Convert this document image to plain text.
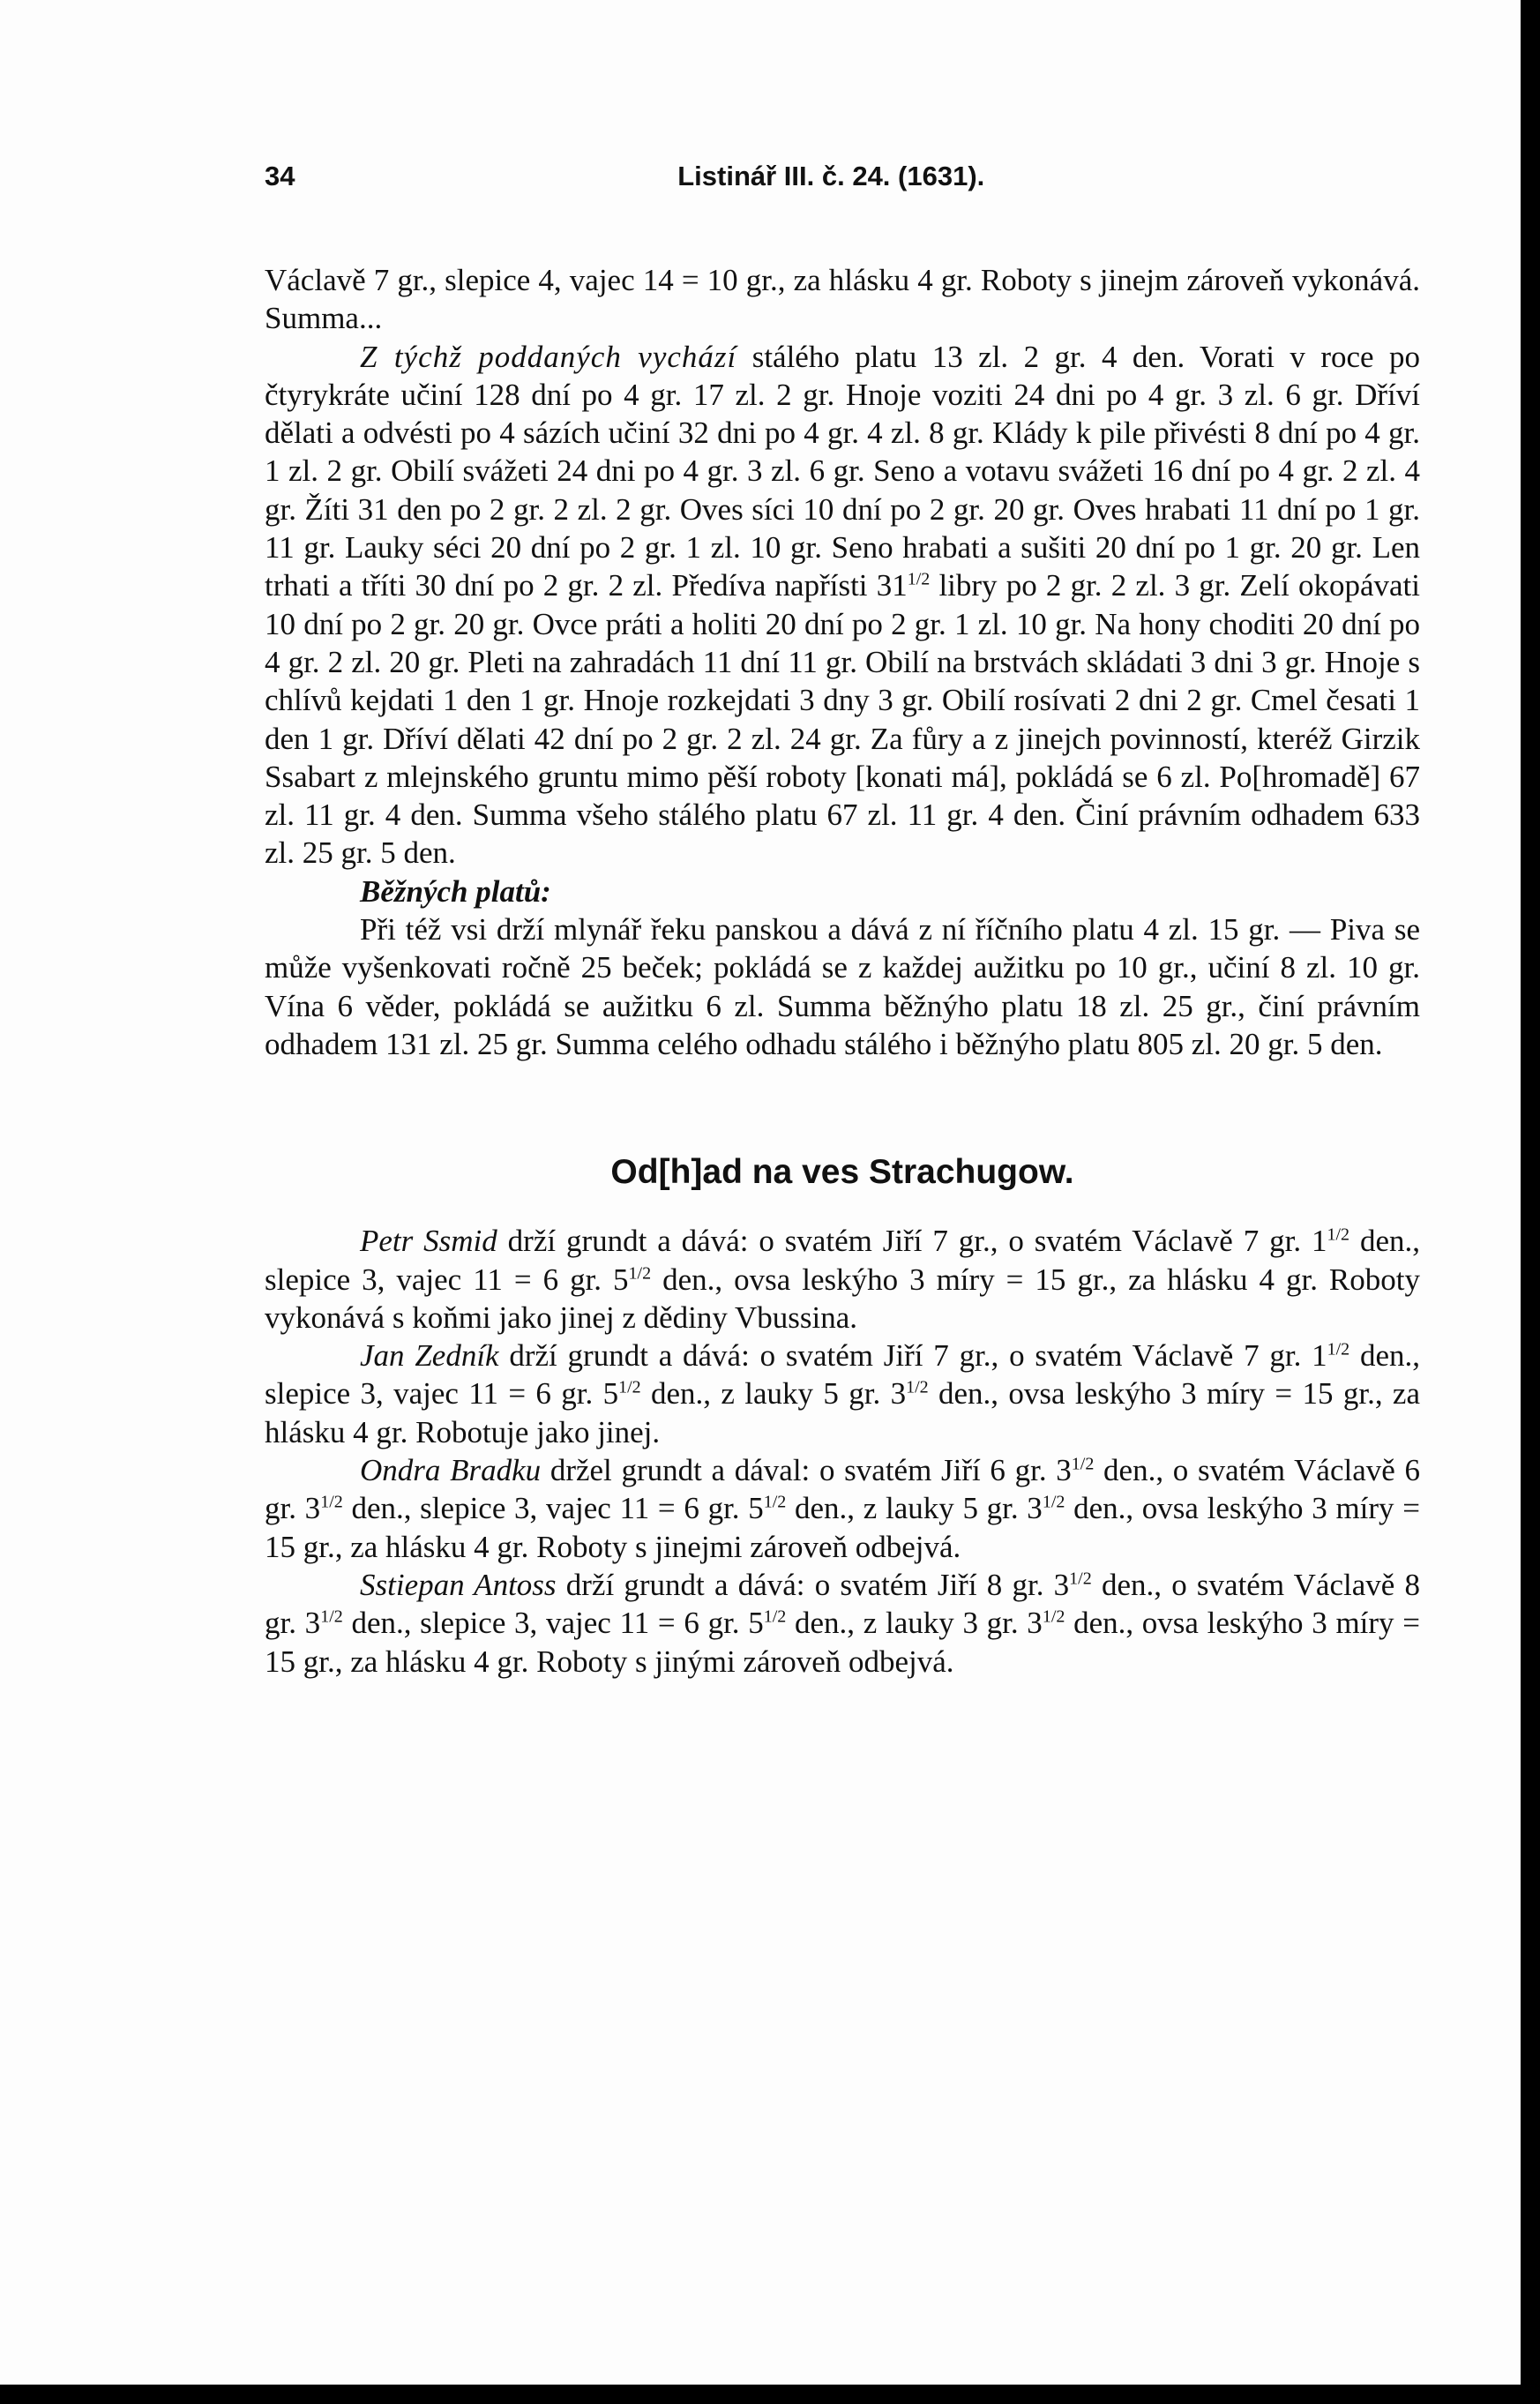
34	Listinář III. č. 24. (1631).

Václavě 7 gr., slepice 4, vajec 14 = 10 gr., za hlásku 4 gr. Roboty s jinejm zároveň vykonává. Summa...

Z týchž poddaných vychází stálého platu 13 zl. 2 gr. 4 den. Vorati v roce po čtyrykráte učiní 128 dní po 4 gr. 17 zl. 2 gr. Hnoje voziti 24 dni po 4 gr. 3 zl. 6 gr. Dříví dělati a odvésti po 4 sázích učiní 32 dni po 4 gr. 4 zl. 8 gr. Klády k pile přivésti 8 dní po 4 gr. 1 zl. 2 gr. Obilí svážeti 24 dni po 4 gr. 3 zl. 6 gr. Seno a votavu svážeti 16 dní po 4 gr. 2 zl. 4 gr. Žíti 31 den po 2 gr. 2 zl. 2 gr. Oves síci 10 dní po 2 gr. 20 gr. Oves hrabati 11 dní po 1 gr. 11 gr. Lauky séci 20 dní po 2 gr. 1 zl. 10 gr. Seno hrabati a sušiti 20 dní po 1 gr. 20 gr. Len trhati a tříti 30 dní po 2 gr. 2 zl. Předíva napřísti $31^{1/2}$ libry po 2 gr. 2 zl. 3 gr. Zelí okopávati 10 dní po 2 gr. 20 gr. Ovce práti a holiti 20 dní po 2 gr. 1 zl. 10 gr. Na hony choditi 20 dní po 4 gr. 2 zl. 20 gr. Pleti na zahradách 11 dní 11 gr. Obilí na brstvách skládati 3 dni 3 gr. Hnoje s chlívů kejdati 1 den 1 gr. Hnoje rozkejdati 3 dny 3 gr. Obilí rosívati 2 dni 2 gr. Cmel česati 1 den 1 gr. Dříví dělati 42 dní po 2 gr. 2 zl. 24 gr. Za fůry a z jinejch povinností, kteréž Girzik Ssabart z mlejnského gruntu mimo pěší roboty [konati má], pokládá se 6 zl. Po[hromadě] 67 zl. 11 gr. 4 den. Summa všeho stálého platu 67 zl. 11 gr. 4 den. Činí právním odhadem 633 zl. 25 gr. 5 den.

Běžných platů:

Při též vsi drží mlynář řeku panskou a dává z ní říčního platu 4 zl. 15 gr. — Piva se může vyšenkovati ročně 25 beček; pokládá se z každej aužitku po 10 gr., učiní 8 zl. 10 gr. Vína 6 věder, pokládá se aužitku 6 zl. Summa běžnýho platu 18 zl. 25 gr., činí právním odhadem 131 zl. 25 gr. Summa celého odhadu stálého i běžnýho platu 805 zl. 20 gr. 5 den.

Od[h]ad na ves Strachugow.

Petr Ssmid drží grundt a dává: o svatém Jiří 7 gr., o svatém Václavě 7 gr. $1^{1/2}$ den., slepice 3, vajec 11 = 6 gr. $5^{1/2}$ den., ovsa leskýho 3 míry = 15 gr., za hlásku 4 gr. Roboty vykonává s koňmi jako jinej z dědiny Vbussina.

Jan Zedník drží grundt a dává: o svatém Jiří 7 gr., o svatém Václavě 7 gr. $1^{1/2}$ den., slepice 3, vajec 11 = 6 gr. $5^{1/2}$ den., z lauky 5 gr. $3^{1/2}$ den., ovsa leskýho 3 míry = 15 gr., za hlásku 4 gr. Robotuje jako jinej.

Ondra Bradku držel grundt a dával: o svatém Jiří 6 gr. $3^{1/2}$ den., o svatém Václavě 6 gr. $3^{1/2}$ den., slepice 3, vajec 11 = 6 gr. $5^{1/2}$ den., z lauky 5 gr. $3^{1/2}$ den., ovsa leskýho 3 míry = 15 gr., za hlásku 4 gr. Roboty s jinejmi zároveň odbejvá.

Sstiepan Antoss drží grundt a dává: o svatém Jiří 8 gr. $3^{1/2}$ den., o svatém Václavě 8 gr. $3^{1/2}$ den., slepice 3, vajec 11 = 6 gr. $5^{1/2}$ den., z lauky 3 gr. $3^{1/2}$ den., ovsa leskýho 3 míry = 15 gr., za hlásku 4 gr. Roboty s jinými zároveň odbejvá.
